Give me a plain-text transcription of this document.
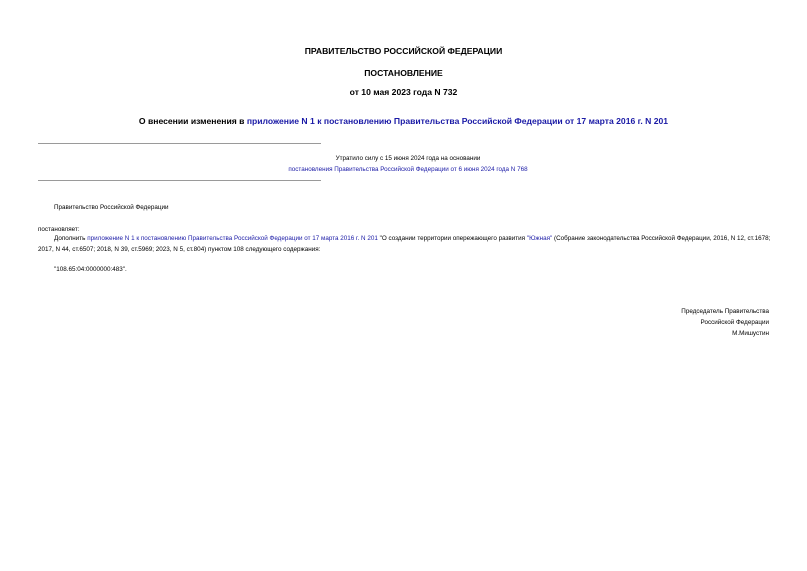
ПРАВИТЕЛЬСТВО РОССИЙСКОЙ ФЕДЕРАЦИИ
ПОСТАНОВЛЕНИЕ
от 10 мая 2023 года N 732
О внесении изменения в приложение N 1 к постановлению Правительства Российской Федерации от 17 марта 2016 г. N 201
Утратило силу с 15 июня 2024 года на основании
постановления Правительства Российской Федерации от 6 июня 2024 года N 768
Правительство Российской Федерации
постановляет:
Дополнить приложение N 1 к постановлению Правительства Российской Федерации от 17 марта 2016 г. N 201 "О создании территории опережающего развития "Южная" (Собрание законодательства Российской Федерации, 2016, N 12, ст.1678; 2017, N 44, ст.6507; 2018, N 39, ст.5969; 2023, N 5, ст.804) пунктом 108 следующего содержания:
"108.65:04:0000000:483".
Председатель Правительства
Российской Федерации
М.Мишустин
